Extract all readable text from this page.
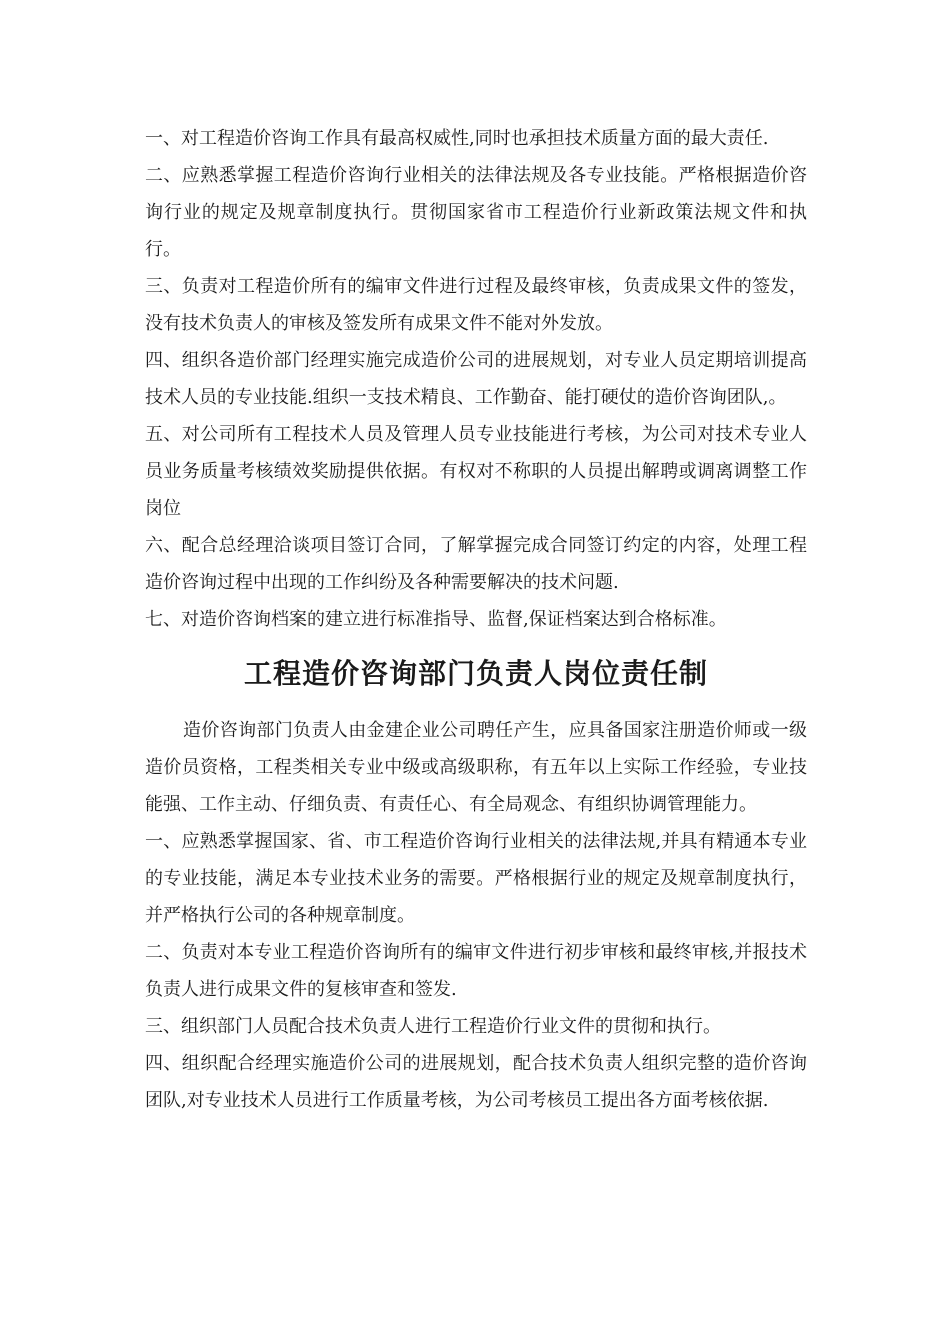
一、对工程造价咨询工作具有最高权威性,同时也承担技术质量方面的最大责任.

二、应熟悉掌握工程造价咨询行业相关的法律法规及各专业技能。严格根据造价咨询行业的规定及规章制度执行。贯彻国家省市工程造价行业新政策法规文件和执行。

三、负责对工程造价所有的编审文件进行过程及最终审核，负责成果文件的签发，没有技术负责人的审核及签发所有成果文件不能对外发放。

四、组织各造价部门经理实施完成造价公司的进展规划，对专业人员定期培训提高技术人员的专业技能.组织一支技术精良、工作勤奋、能打硬仗的造价咨询团队,。

五、对公司所有工程技术人员及管理人员专业技能进行考核，为公司对技术专业人员业务质量考核绩效奖励提供依据。有权对不称职的人员提出解聘或调离调整工作岗位

六、配合总经理洽谈项目签订合同，了解掌握完成合同签订约定的内容，处理工程造价咨询过程中出现的工作纠纷及各种需要解决的技术问题.

七、对造价咨询档案的建立进行标准指导、监督,保证档案达到合格标准。

工程造价咨询部门负责人岗位责任制

造价咨询部门负责人由金建企业公司聘任产生，应具备国家注册造价师或一级造价员资格，工程类相关专业中级或高级职称，有五年以上实际工作经验，专业技能强、工作主动、仔细负责、有责任心、有全局观念、有组织协调管理能力。

一、应熟悉掌握国家、省、市工程造价咨询行业相关的法律法规,并具有精通本专业的专业技能，满足本专业技术业务的需要。严格根据行业的规定及规章制度执行，并严格执行公司的各种规章制度。

二、负责对本专业工程造价咨询所有的编审文件进行初步审核和最终审核,并报技术负责人进行成果文件的复核审查和签发.

三、组织部门人员配合技术负责人进行工程造价行业文件的贯彻和执行。

四、组织配合经理实施造价公司的进展规划，配合技术负责人组织完整的造价咨询团队,对专业技术人员进行工作质量考核，为公司考核员工提出各方面考核依据.
